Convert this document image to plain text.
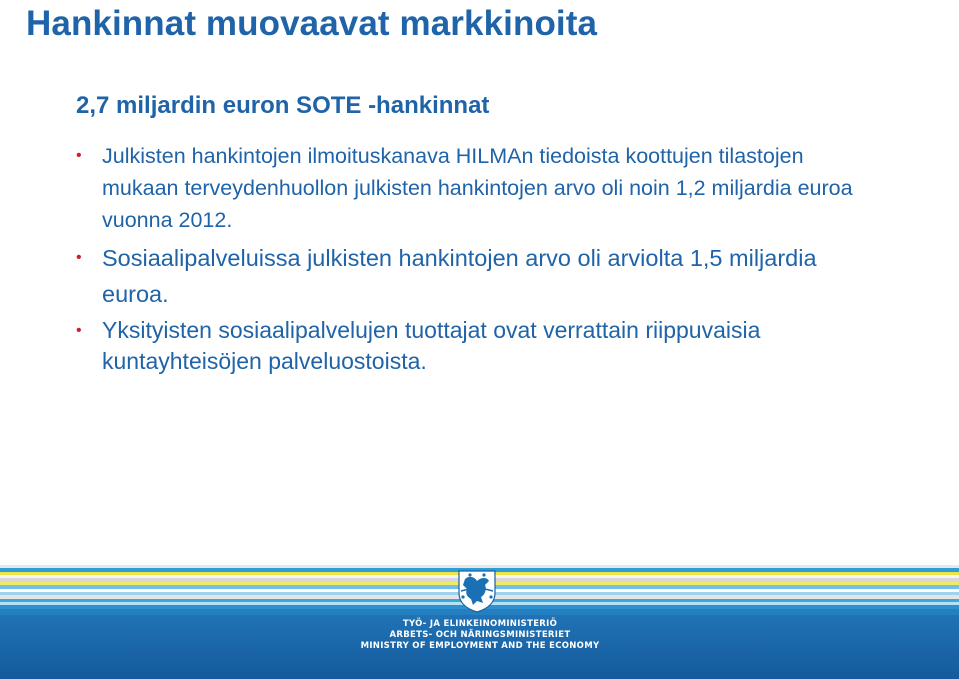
Hankinnat muovaavat markkinoita
2,7 miljardin euron SOTE -hankinnat
• Julkisten hankintojen ilmoituskanava HILMAn tiedoista koottujen tilastojen mukaan terveydenhuollon julkisten hankintojen arvo oli noin 1,2 miljardia euroa vuonna 2012.
• Sosiaalipalveluissa julkisten hankintojen arvo oli arviolta 1,5 miljardia euroa.
• Yksityisten sosiaalipalvelujen tuottajat ovat verrattain riippuvaisia kuntayhteisöjen palveluostoista.
TYÖ- JA ELINKEINOMINISTERIÖ
ARBETS- OCH NÄRINGSMINISTERIET
MINISTRY OF EMPLOYMENT AND THE ECONOMY
